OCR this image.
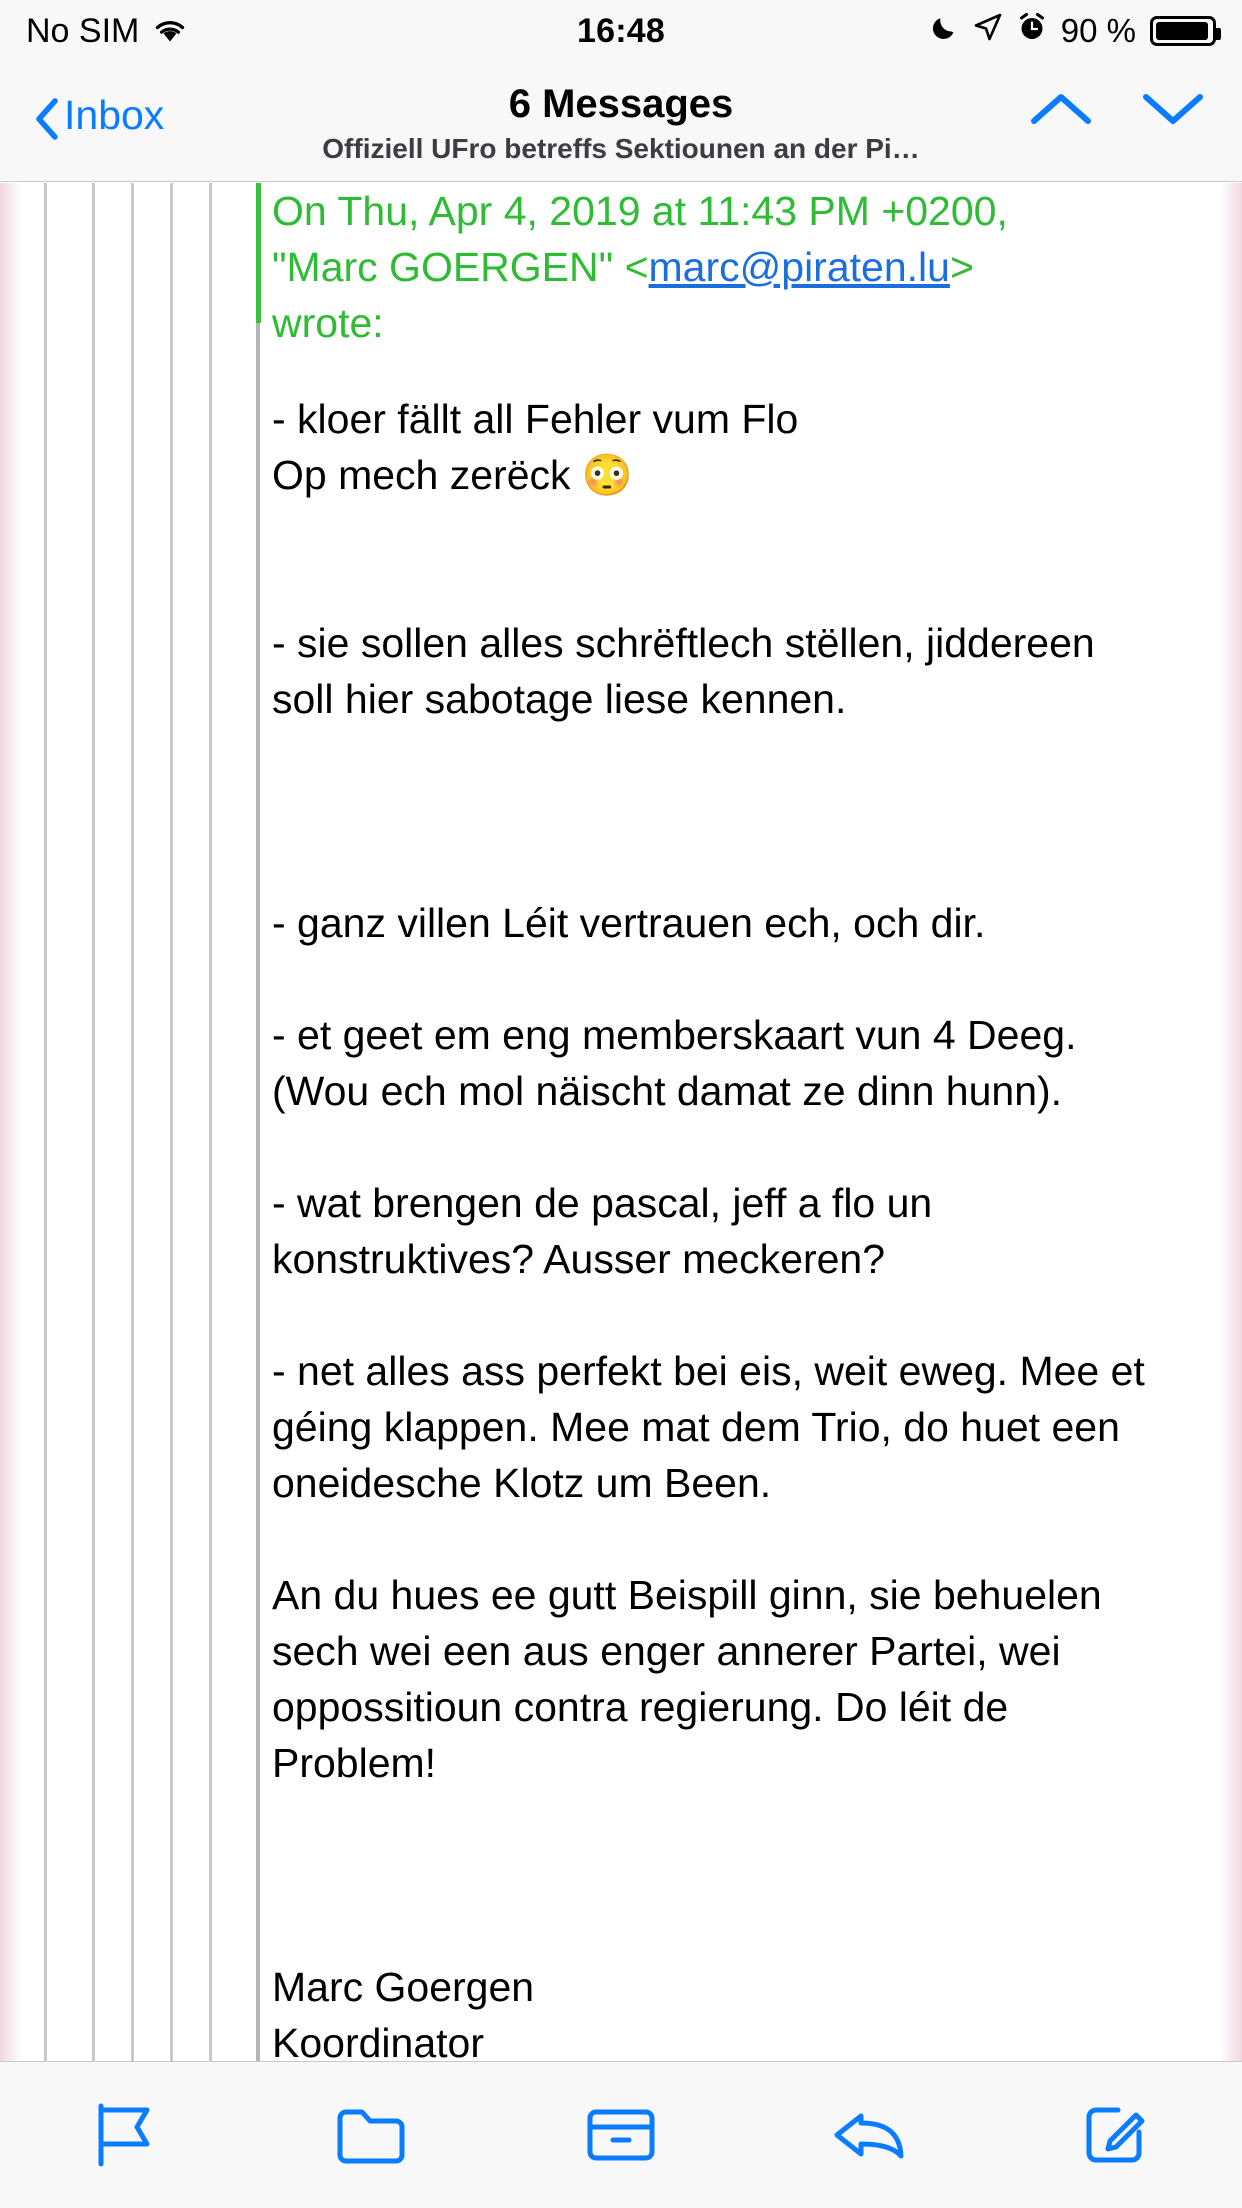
No SIM	16:48	90 %
Inbox	6 Messages
Offiziell UFro betreffs Sektiounen an der Pi…
On Thu, Apr 4, 2019 at 11:43 PM +0200,
"Marc GOERGEN" <marc@piraten.lu>
wrote:
- kloer fällt all Fehler vum Flo
Op mech zerëck 😳
- sie sollen alles schrëftlech stëllen, jiddereen soll hier sabotage liese kennen.
- ganz villen Léit vertrauen ech, och dir.
- et geet em eng memberskaart vun 4 Deeg. (Wou ech mol näischt damat ze dinn hunn).
- wat brengen de pascal, jeff a flo un konstruktives? Ausser meckeren?
- net alles ass perfekt bei eis, weit eweg. Mee et géing klappen. Mee mat dem Trio, do huet een oneidesche Klotz um Been.
An du hues ee gutt Beispill ginn, sie behuelen sech wei een aus enger annerer Partei, wei oppossitioun contra regierung. Do léit de Problem!
Marc Goergen
Koordinator
